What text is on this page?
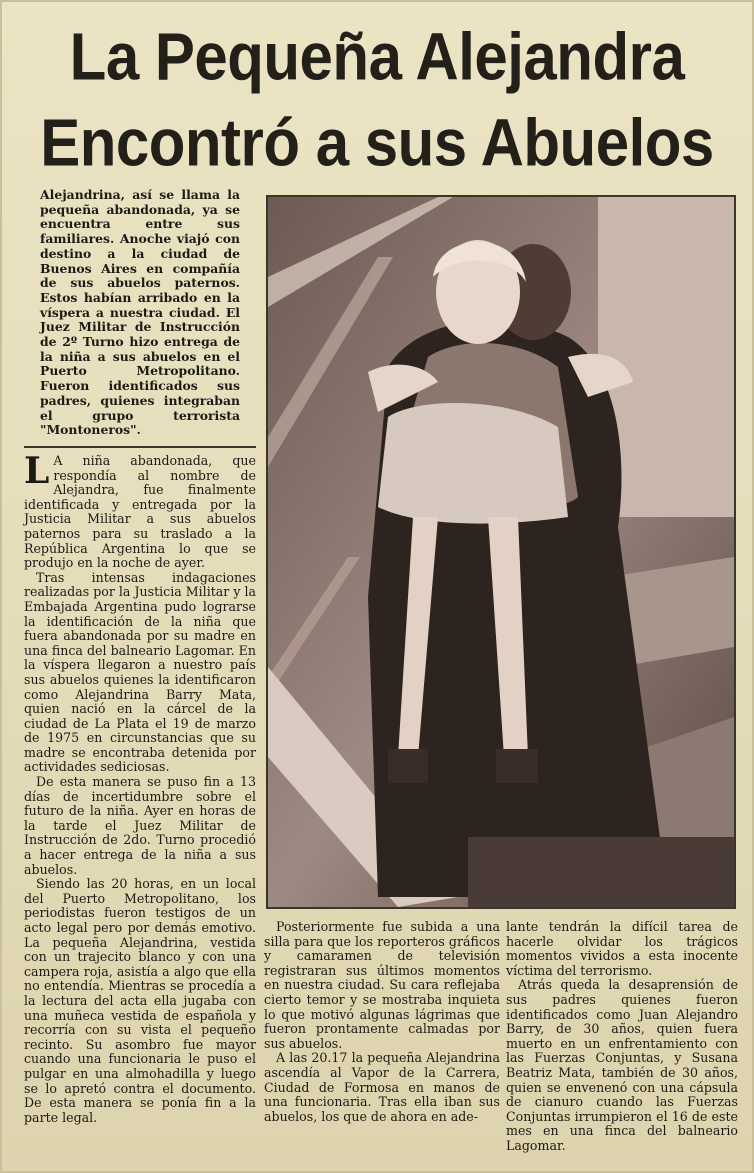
La Pequeña Alejandra
Encontró a sus Abuelos
Alejandrina, así se llama la pequeña abandonada, ya se encuentra entre sus familiares. Anoche viajó con destino a la ciudad de Buenos Aires en compañía de sus abuelos paternos. Estos habían arribado en la víspera a nuestra ciudad. El Juez Militar de Instrucción de 2º Turno hizo entrega de la niña a sus abuelos en el Puerto Metropolitano. Fueron identificados sus padres, quienes integraban el grupo terrorista "Montoneros".

L A niña abandonada, que respondía al nombre de Alejandra, fue finalmente identificada y entregada por la Justicia Militar a sus abuelos paternos para su traslado a la República Argentina lo que se produjo en la noche de ayer.

Tras intensas indagaciones realizadas por la Justicia Militar y la Embajada Argentina pudo lograrse la identificación de la niña que fuera abandonada por su madre en una finca del balneario Lagomar. En la víspera llegaron a nuestro país sus abuelos quienes la identificaron como Alejandrina Barry Mata, quien nació en la cárcel de la ciudad de La Plata el 19 de marzo de 1975 en circunstancias que su madre se encontraba detenida por actividades sediciosas.

De esta manera se puso fin a 13 días de incertidumbre sobre el futuro de la niña. Ayer en horas de la tarde el Juez Militar de Instrucción de 2do. Turno procedió a hacer entrega de la niña a sus abuelos.

Siendo las 20 horas, en un local del Puerto Metropolitano, los periodistas fueron testigos de un acto legal pero por demás emotivo. La pequeña Alejandrina, vestida con un trajecito blanco y con una campera roja, asistía a algo que ella no entendía. Mientras se procedía a la lectura del acta ella jugaba con una muñeca vestida de española y recorría con su vista el pequeño recinto. Su asombro fue mayor cuando una funcionaria le puso el pulgar en una almohadilla y luego se lo apretó contra el documento. De esta manera se ponía fin a la parte legal.

Posteriormente fue subida a una silla para que los reporteros gráficos y camaramen de televisión registraran sus últimos momentos en nuestra ciudad. Su cara reflejaba cierto temor y se mostraba inquieta lo que motivó algunas lágrimas que fueron prontamente calmadas por sus abuelos.

A las 20.17 la pequeña Alejandrina ascendía al Vapor de la Carrera, Ciudad de Formosa en manos de una funcionaria. Tras ella iban sus abuelos, los que de ahora en ade-

lante tendrán la difícil tarea de hacerle olvidar los trágicos momentos vividos a esta inocente víctima del terrorismo.

Atrás queda la desaprensión de sus padres quienes fueron identificados como Juan Alejandro Barry, de 30 años, quien fuera muerto en un enfrentamiento con las Fuerzas Conjuntas, y Susana Beatriz Mata, también de 30 años, quien se envenenó con una cápsula de cianuro cuando las Fuerzas Conjuntas irrumpieron el 16 de este mes en una finca del balneario Lagomar.
